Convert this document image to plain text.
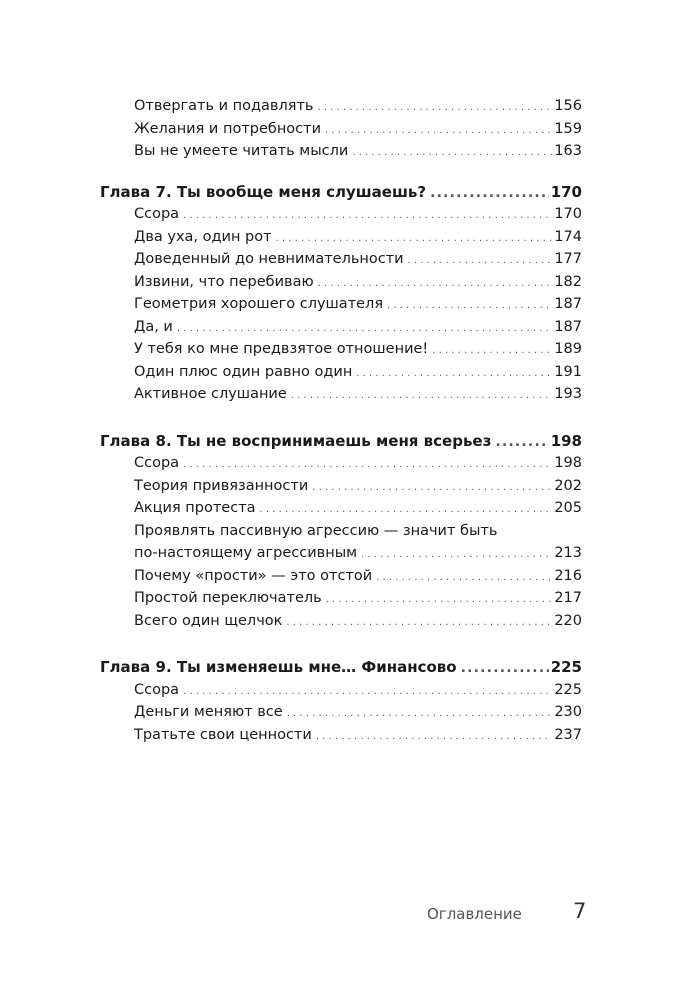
Отвергать и подавлять . . .	156
Желания и потребности . . .	159
Вы не умеете читать мысли . . .	163
Глава 7. Ты вообще меня слушаешь? .....	170
Ссора . . .	170
Два уха, один рот . . .	174
Доведенный до невнимательности . . .	177
Извини, что перебиваю . . .	182
Геометрия хорошего слушателя . . .	187
Да, и . . .	187
У тебя ко мне предвзятое отношение! . . .	189
Один плюс один равно один . . .	191
Активное слушание . . .	193
Глава 8. Ты не воспринимаешь меня всерьез .....	198
Ссора . . .	198
Теория привязанности . . .	202
Акция протеста . . .	205
Проявлять пассивную агрессию — значит быть
по-настоящему агрессивным . . .	213
Почему «прости» — это отстой . . .	216
Простой переключатель . . .	217
Всего один щелчок . . .	220
Глава 9. Ты изменяешь мне… Финансово .....	225
Ссора . . .	225
Деньги меняют все . . .	230
Тратьте свои ценности . . .	237
Оглавление 7
